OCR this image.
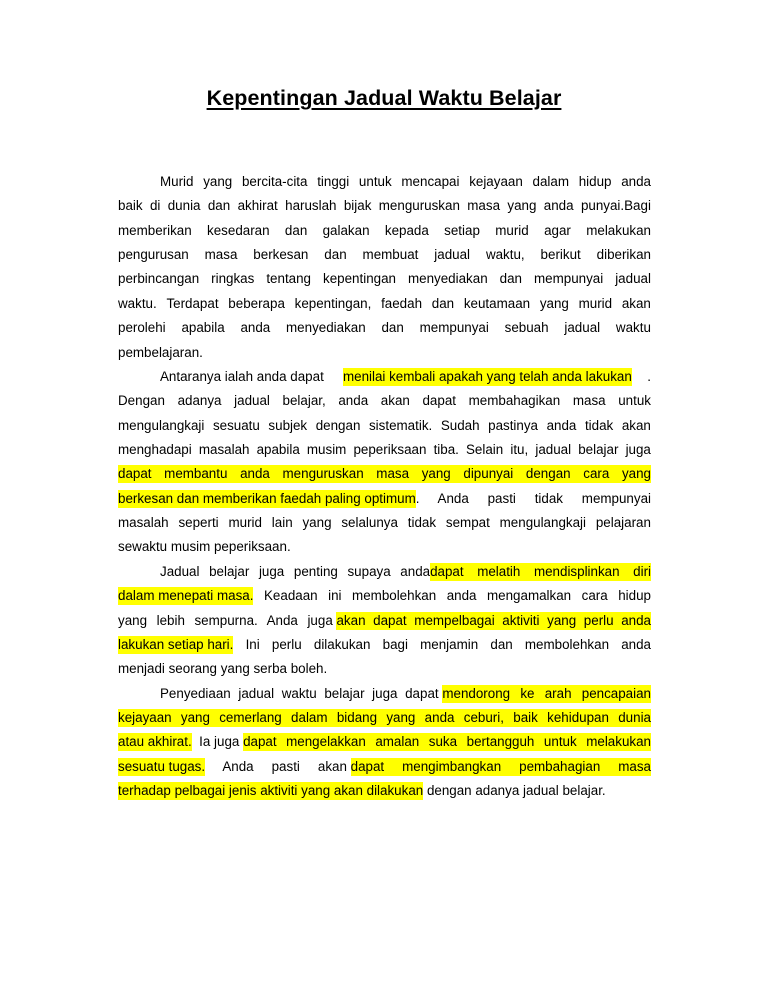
Kepentingan Jadual Waktu Belajar
Murid yang bercita-cita tinggi untuk mencapai kejayaan dalam hidup anda
baik di dunia dan akhirat haruslah bijak menguruskan masa yang anda punyai.Bagi
memberikan kesedaran dan galakan kepada setiap murid agar melakukan
pengurusan masa berkesan dan membuat jadual waktu, berikut diberikan
perbincangan ringkas tentang kepentingan menyediakan dan mempunyai jadual
waktu. Terdapat beberapa kepentingan, faedah dan keutamaan yang murid akan
perolehi apabila anda menyediakan dan mempunyai sebuah jadual waktu
pembelajaran.
Antaranya ialah anda dapat menilai kembali apakah yang telah anda lakukan .
Dengan adanya jadual belajar, anda akan dapat membahagikan masa untuk
mengulangkaji sesuatu subjek dengan sistematik. Sudah pastinya anda tidak akan
menghadapi masalah apabila musim peperiksaan tiba. Selain itu, jadual belajar juga
dapat membantu anda menguruskan masa yang dipunyai dengan cara yang
berkesan dan memberikan faedah paling optimum . Anda pasti tidak mempunyai
masalah seperti murid lain yang selalunya tidak sempat mengulangkaji pelajaran
sewaktu musim peperiksaan.
Jadual belajar juga penting supaya anda dapat melatih mendisplinkan diri
dalam menepati masa. Keadaan ini membolehkan anda mengamalkan cara hidup
yang lebih sempurna. Anda juga akan dapat mempelbagai aktiviti yang perlu anda
lakukan setiap hari. Ini perlu dilakukan bagi menjamin dan membolehkan anda
menjadi seorang yang serba boleh.
Penyediaan jadual waktu belajar juga dapat mendorong ke arah pencapaian
kejayaan yang cemerlang dalam bidang yang anda ceburi, baik kehidupan dunia
atau akhirat. Ia juga dapat mengelakkan amalan suka bertangguh untuk melakukan
sesuatu tugas. Anda pasti akan dapat mengimbangkan pembahagian masa
terhadap pelbagai jenis aktiviti yang akan dilakukan dengan adanya jadual belajar.
